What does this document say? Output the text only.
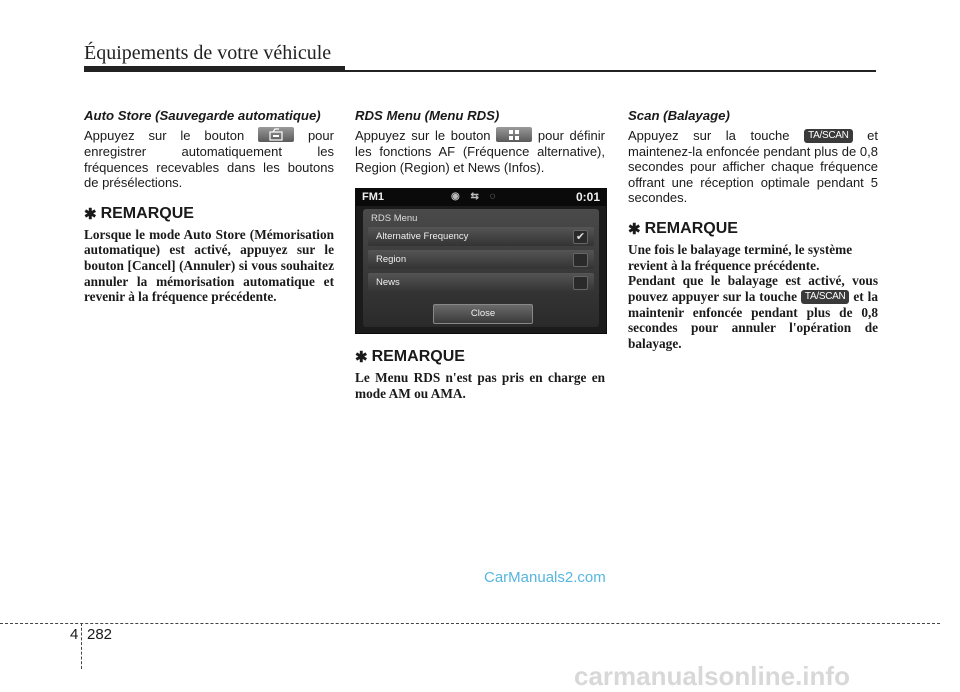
Équipements de votre véhicule
Auto Store (Sauvegarde automatique)

Appuyez sur le bouton	pour enregistrer automatiquement les fréquences recevables dans les boutons de présélections.

✱ REMARQUE

Lorsque le mode Auto Store (Mémorisation automatique) est activé, appuyez sur le bouton [Cancel] (Annuler) si vous souhaitez annuler la mémorisation automatique et revenir à la fréquence précédente.

RDS Menu (Menu RDS)

Appuyez sur le bouton	pour définir les fonctions AF (Fréquence alternative), Region (Region) et News (Infos).

FM1	◉ ⇆ ◌	0:01
RDS Menu
Alternative Frequency	✔
Region
News
Close
✱ REMARQUE

Le Menu RDS n'est pas pris en charge en mode AM ou AMA.

Scan (Balayage)

Appuyez sur la touche TA/SCAN et maintenez-la enfoncée pendant plus de 0,8 secondes pour afficher chaque fréquence offrant une réception optimale pendant 5 secondes.

✱ REMARQUE

Une fois le balayage terminé, le système revient à la fréquence précédente.

Pendant que le balayage est activé, vous pouvez appuyer sur la touche TA/SCAN et la maintenir enfoncée pendant plus de 0,8 secondes pour annuler l'opération de balayage.

CarManuals2.com
4 282
carmanualsonline.info
